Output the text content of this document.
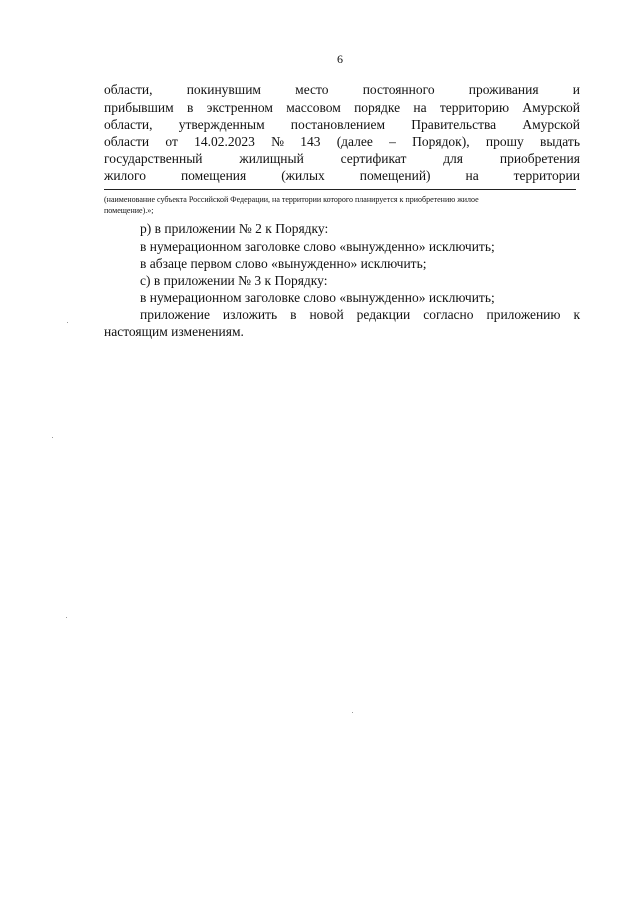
6
области,	покинувшим	место	постоянного	проживания	и
прибывшим в экстренном массовом порядке на территорию Амурской
области, утвержденным постановлением Правительства Амурской
области от 14.02.2023 № 143 (далее – Порядок), прошу выдать
государственный	жилищный	сертификат	для	приобретения
жилого	помещения	(жилых	помещений)	на	территории
(наименование субъекта Российской Федерации, на территории которого планируется к приобретению жилое
помещение).»;
р) в приложении № 2 к Порядку:
в нумерационном заголовке слово «вынужденно» исключить;
в абзаце первом слово «вынужденно» исключить;
с) в приложении № 3 к Порядку:
в нумерационном заголовке слово «вынужденно» исключить;
приложение изложить в новой редакции согласно приложению к
настоящим изменениям.
